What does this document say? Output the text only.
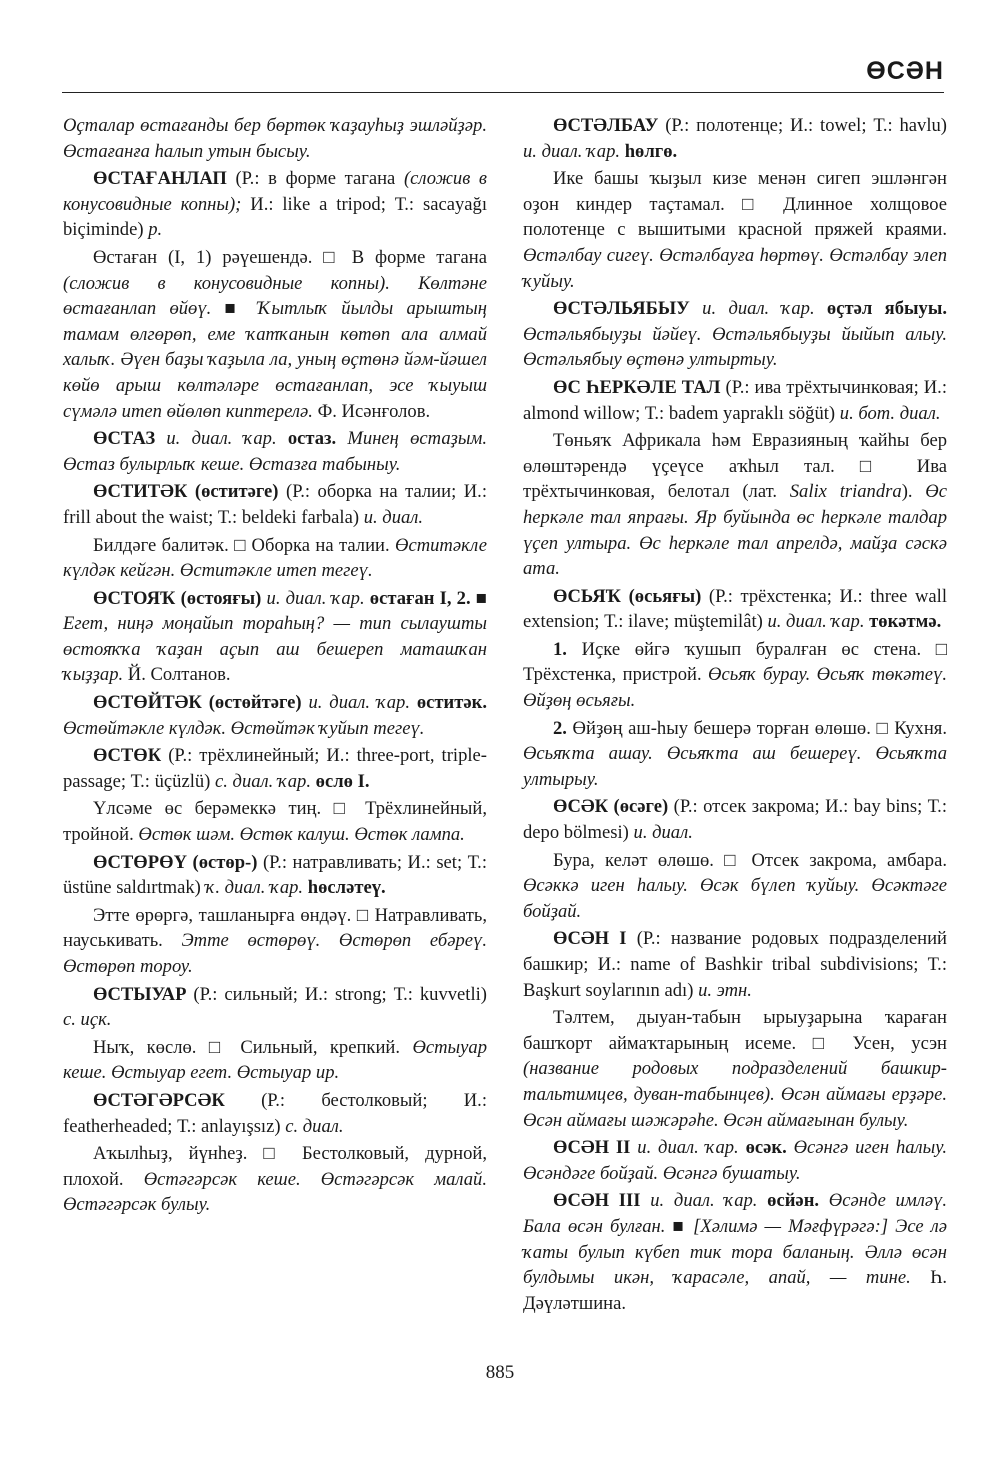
ӨСӘН

Оҫталар өстағанды бер бөртөк ҡаҙауһыҙ эшләйҙәр. Өстағанға һалып утын бысыу.

ӨСТАҒАНЛАП (Р.: в форме тагана (сложив в конусовидные копны); И.: like a tripod; Т.: sacayağı biçiminde) р.

Өстаған (I, 1) рәүешендә. □ В форме тагана (сложив в конусовидные копны). Көлтәне өстағанлап өйөү. ■ Ҡытлыҡ йылды арыштың тамам өлгөрөп, еме ҡатҡанын көтөп ала алмай халыҡ. Әүен баҙы ҡаҙыла ла, уның өҫтөнә йәм-йәшел көйө арыш көлтәләре өстағанлап, эсе ҡыуыш сүмәлә итеп өйөлөп киптерелә. Ф. Исәнғолов.

ӨСТАЗ и. диал. ҡар. остаз. Минең өстаҙым. Өстаз булырлыҡ кеше. Өстазға табыныу.

ӨСТИТӘК (өститәге) (Р.: оборка на талии; И.: frill about the waist; Т.: beldeki farbala) и. диал.

Билдәге балитәк. □ Оборка на талии. Өститәкле күлдәк кейгән. Өститәкле итеп тегеү.

ӨСТОЯҠ (өстояғы) и. диал. ҡар. өстаған I, 2. ■ Егет, ниңә моңайып тораһың? — тип сылаушты өстояҡҡа ҡаҙан аҫып аш бешереп маташҡан ҡыҙҙар. Й. Солтанов.

ӨСТӨЙТӘК (өстөйтәге) и. диал. ҡар. өститәк. Өстөйтәкле күлдәк. Өстөйтәк ҡуйып тегеү.

ӨСТӨК (Р.: трёхлинейный; И.: three-port, triple-passage; Т.: üçüzlü) с. диал. ҡар. өслө I.

Үлсәме өс берәмеккә тиң. □ Трёхлинейный, тройной. Өстөк шәм. Өстөк калуш. Өстөк лампа.

ӨСТӨРӨҮ (өстөр-) (Р.: натравливать; И.: set; Т.: üstüne saldırtmak) ҡ. диал. ҡар. һөсләтеү.

Этте өрөргә, ташланырға өндәү. □ Натравливать, науськивать. Этте өстөрөү. Өстөрөп ебәреү. Өстөрөп тороу.

ӨСТЫУАР (Р.: сильный; И.: strong; Т.: kuvvetli) с. иҫк.

Ныҡ, көслө. □ Сильный, крепкий. Өстыуар кеше. Өстыуар егет. Өстыуар ир.

ӨСТӘГӘРСӘК (Р.: бестолковый; И.: featherheaded; Т.: anlayışsız) с. диал.

Аҡылһыҙ, йүнһеҙ. □ Бестолковый, дурной, плохой. Өстәгәрсәк кеше. Өстәгәрсәк малай. Өстәгәрсәк булыу.

ӨСТӘЛБАУ (Р.: полотенце; И.: towel; Т.: havlu) и. диал. ҡар. һөлгө.

Ике башы ҡыҙыл кизе менән сигеп эшләнгән оҙон киндер таҫтамал. □ Длинное холщовое полотенце с вышитыми красной пряжей краями. Өстәлбау сигеү. Өстәлбауға һөртөү. Өстәлбау элеп ҡуйыу.

ӨСТӘЛЬЯБЫУ и. диал. ҡар. өҫтәл ябыуы. Өстәльябыуҙы йәйеү. Өстәльябыуҙы йыйып алыу. Өстәльябыу өҫтөнә ултыртыу.

ӨС ҺЕРКӘЛЕ ТАЛ (Р.: ива трёхтычинковая; И.: almond willow; Т.: badem yapraklı söğüt) и. бот. диал.

Төньяҡ Африкала һәм Евразияның ҡайһы бер өлөштәрендә үҫеүсе аҡһыл тал. □ Ива трёхтычинковая, белотал (лат. Salix triandra). Өс һеркәле тал япрағы. Яр буйында өс һеркәле талдар үҫеп ултыра. Өс һеркәле тал апрелдә, майҙа сәскә ата.

ӨСЬЯҠ (өсьяғы) (Р.: трёхстенка; И.: three wall extension; Т.: ilave; müştemilât) и. диал. ҡар. төкәтмә.

1. Иҫке өйгә ҡушып буралған өс стена. □ Трёхстенка, пристрой. Өсьяҡ бурау. Өсьяҡ төкәтеү. Өйҙөң өсьяғы.

2. Өйҙөң аш-һыу бешерә торған өлөшө. □ Кухня. Өсьяҡта ашау. Өсьяҡта аш бешереү. Өсьяҡта ултырыу.

ӨСӘК (өсәге) (Р.: отсек закрома; И.: bay bins; Т.: depo bölmesi) и. диал.

Бура, келәт өлөшө. □ Отсек закрома, амбара. Өсәккә иген һалыу. Өсәк бүлеп ҡуйыу. Өсәктәге бойҙай.

ӨСӘН I (Р.: название родовых подразделений башкир; И.: name of Bashkir tribal subdivisions; Т.: Başkurt soylarının adı) и. этн.

Тәлтем, дыуан-табын ырыуҙарына ҡараған башҡорт аймаҡтарының исеме. □ Усен, усэн (название родовых подразделений башкир-тальтимцев, дуван-табынцев). Өсән аймағы ерҙәре. Өсән аймағы шәжәрәһе. Өсән аймағынан булыу.

ӨСӘН II и. диал. ҡар. өсәк. Өсәнгә иген һалыу. Өсәндәге бойҙай. Өсәнгә бушатыу.

ӨСӘН III и. диал. ҡар. өсйән. Өсәнде имләү. Бала өсән булған. ■ [Хәлимә — Мәғфүрәгә:] Эсе лә ҡаты булып күбеп тик тора баланың. Әллә өсән булдымы икән, ҡарасәле, апай, — тине. Һ. Дәүләтшина.

885
